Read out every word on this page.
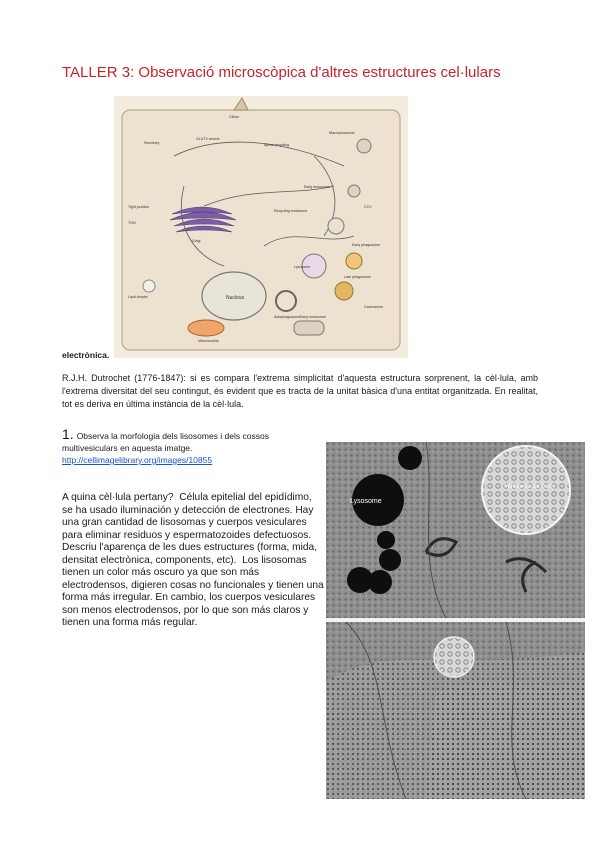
TALLER 3: Observació microscòpica d'altres estructures cel·lulars
Nucleus
Cilium
Secretory
GLUT4 vesicle
Apical recycling
Macropinosome
Tight junction
TGN
Golgi
Recycling endosome
Early endosome
CCV
Lysosome
Early phagosome
Late phagosome
Lipid droplet
Autophagosome
Caveosome
Early endosome
Mitochondria
electrònica.
R.J.H. Dutrochet (1776-1847): si es compara l'extrema simplicitat d'aquesta estructura sorprenent, la cèl·lula, amb l'extrema diversitat del seu contingut, és evident que es tracta de la unitat bàsica d'una entitat organitzada. En realitat, tot es deriva en última instància de la cèl·lula.
1. Observa la morfologia dels lisosomes i dels cossos multivesiculars en aquesta imatge.
http://cellimagelibrary.org/images/10855

A quina cèl·lula pertany? Célula epitelial del epidídimo, se ha usado iluminación y detección de electrones. Hay una gran cantidad de lisosomas y cuerpos vesiculares para eliminar residuos y espermatozoides defectuosos.

Descriu l'aparença de les dues estructures (forma, mida, densitat electrònica, components, etc). Los lisosomas tienen un color más oscuro ya que son más electrodensos, digieren cosas no funcionales y tienen una forma más irregular. En cambio, los cuerpos vesiculares son menos electrodensos, por lo que son más claros y tienen una forma más regular.

Lysosome
Multivesicular body
